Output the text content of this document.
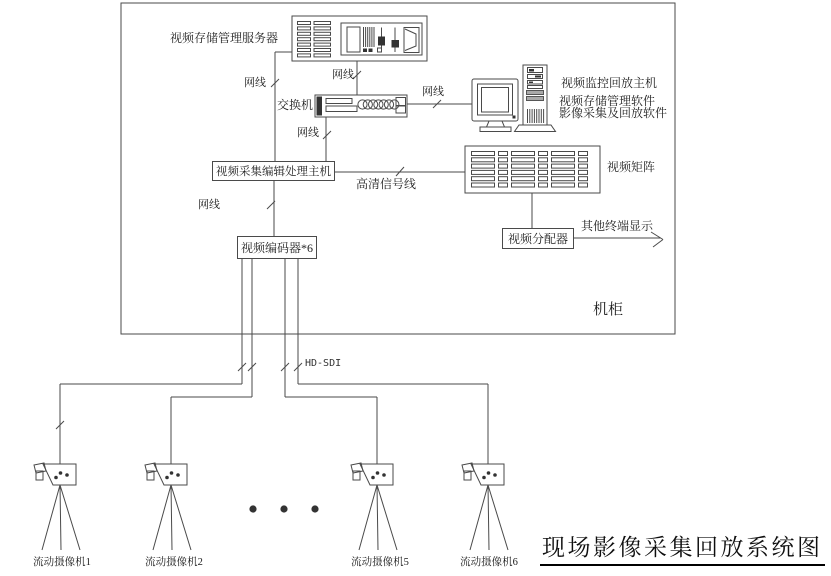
视频存储管理服务器
网线
网线
交换机
网线
网线
视频监控回放主机
视频存储管理软件
影像采集及回放软件
高清信号线
视频矩阵
其他终端显示
网线
机柜
HD-SDI
视频采集编辑处理主机
视频分配器
视频编码器*6
流动摄像机1	流动摄像机2	流动摄像机5	流动摄像机6
现场影像采集回放系统图
